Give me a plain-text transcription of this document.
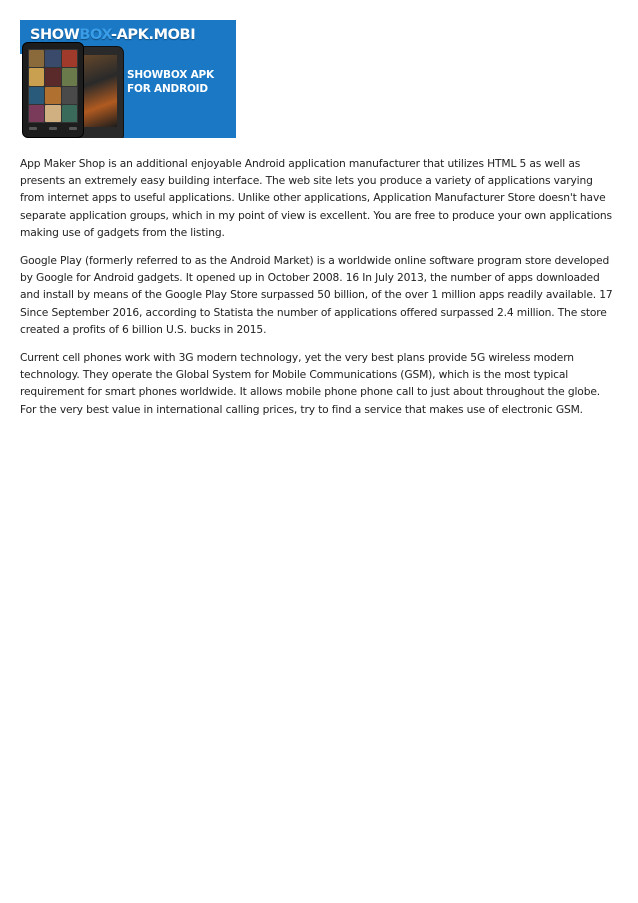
SHOWBOX-APK.MOBI
SHOWBOX APK
FOR ANDROID

App Maker Shop is an additional enjoyable Android application manufacturer that utilizes HTML 5 as well as presents an extremely easy building interface. The web site lets you produce a variety of applications varying from internet apps to useful applications. Unlike other applications, Application Manufacturer Store doesn't have separate application groups, which in my point of view is excellent. You are free to produce your own applications making use of gadgets from the listing.

Google Play (formerly referred to as the Android Market) is a worldwide online software program store developed by Google for Android gadgets. It opened up in October 2008. 16 In July 2013, the number of apps downloaded and install by means of the Google Play Store surpassed 50 billion, of the over 1 million apps readily available. 17 Since September 2016, according to Statista the number of applications offered surpassed 2.4 million. The store created a profits of 6 billion U.S. bucks in 2015.

Current cell phones work with 3G modern technology, yet the very best plans provide 5G wireless modern technology. They operate the Global System for Mobile Communications (GSM), which is the most typical requirement for smart phones worldwide. It allows mobile phone phone call to just about throughout the globe. For the very best value in international calling prices, try to find a service that makes use of electronic GSM.
